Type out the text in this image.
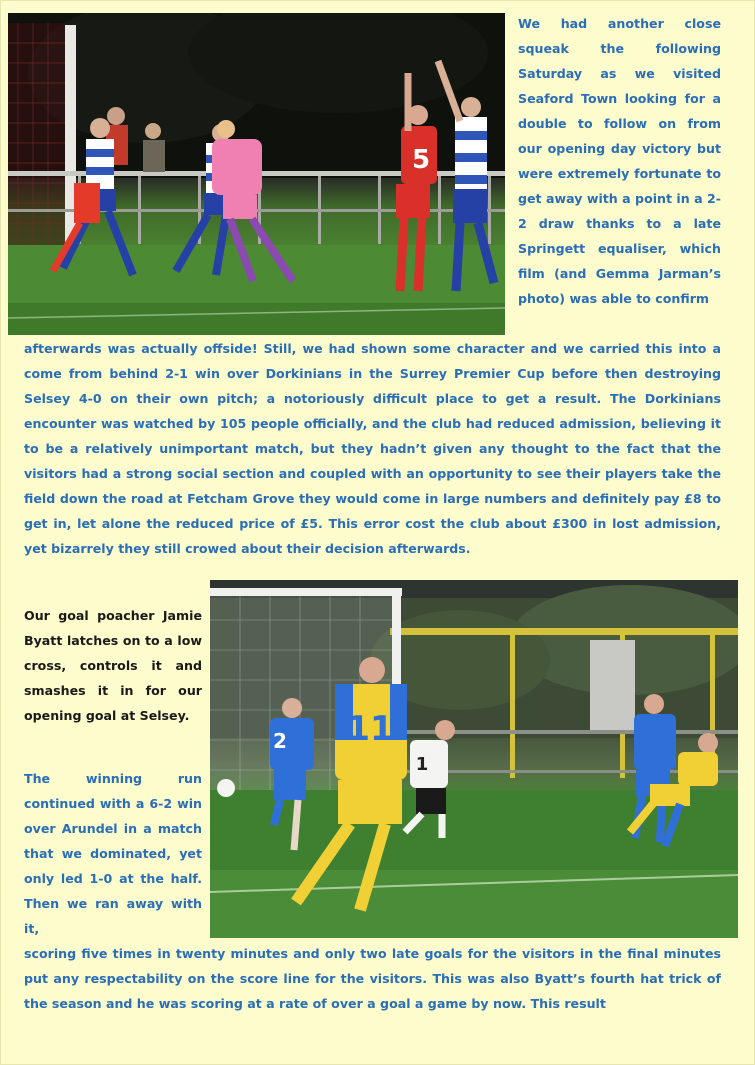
5

We had another close squeak the following Saturday as we visited Seaford Town looking for a double to follow on from our opening day victory but were extremely fortunate to get away with a point in a 2-2 draw thanks to a late Springett equaliser, which film (and Gemma Jarman’s photo) was able to confirm

afterwards was actually offside! Still, we had shown some character and we carried this into a come from behind 2-1 win over Dorkinians in the Surrey Premier Cup before then destroying Selsey 4-0 on their own pitch; a notoriously difficult place to get a result. The Dorkinians encounter was watched by 105 people officially, and the club had reduced admission, believing it to be a relatively unimportant match, but they hadn’t given any thought to the fact that the visitors had a strong social section and coupled with an opportunity to see their players take the field down the road at Fetcham Grove they would come in large numbers and definitely pay £8 to get in, let alone the reduced price of £5. This error cost the club about £300 in lost admission, yet bizarrely they still crowed about their decision afterwards.

2 11
1

Our goal poacher Jamie Byatt latches on to a low cross, controls it and smashes it in for our opening goal at Selsey.

The winning run continued with a 6-2 win over Arundel in a match that we dominated, yet only led 1-0 at the half. Then we ran away with it,

scoring five times in twenty minutes and only two late goals for the visitors in the final minutes put any respectability on the score line for the visitors. This was also Byatt’s fourth hat trick of the season and he was scoring at a rate of over a goal a game by now. This result
